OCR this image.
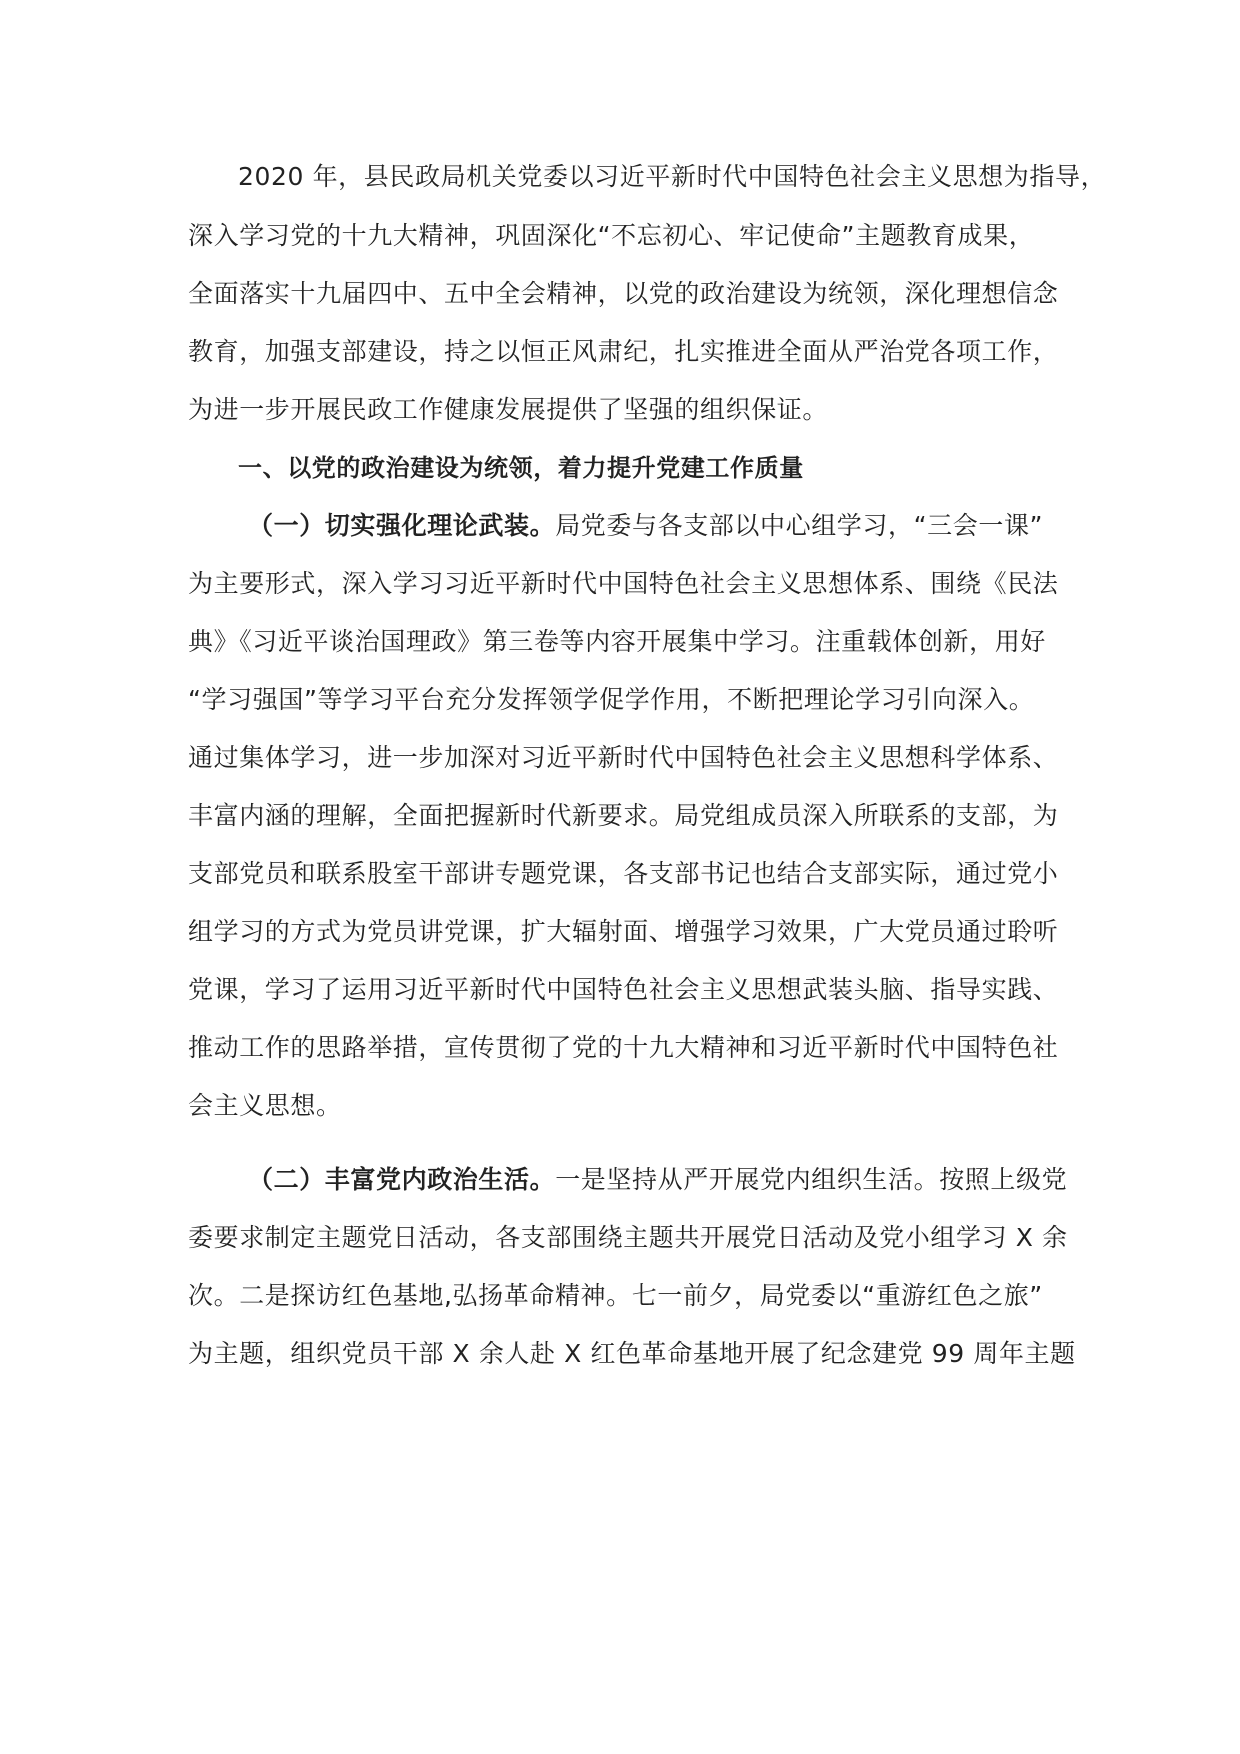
2020 年，县民政局机关党委以习近平新时代中国特色社会主义思想为指导，
深入学习党的十九大精神，巩固深化“不忘初心、牢记使命”主题教育成果，
全面落实十九届四中、五中全会精神，以党的政治建设为统领，深化理想信念
教育，加强支部建设，持之以恒正风肃纪，扎实推进全面从严治党各项工作，
为进一步开展民政工作健康发展提供了坚强的组织保证。
一、以党的政治建设为统领，着力提升党建工作质量
（一）切实强化理论武装。局党委与各支部以中心组学习，“三会一课”
为主要形式，深入学习习近平新时代中国特色社会主义思想体系、围绕《民法
典》《习近平谈治国理政》第三卷等内容开展集中学习。注重载体创新，用好
“学习强国”等学习平台充分发挥领学促学作用，不断把理论学习引向深入。
通过集体学习，进一步加深对习近平新时代中国特色社会主义思想科学体系、
丰富内涵的理解，全面把握新时代新要求。局党组成员深入所联系的支部，为
支部党员和联系股室干部讲专题党课，各支部书记也结合支部实际，通过党小
组学习的方式为党员讲党课，扩大辐射面、增强学习效果，广大党员通过聆听
党课，学习了运用习近平新时代中国特色社会主义思想武装头脑、指导实践、
推动工作的思路举措，宣传贯彻了党的十九大精神和习近平新时代中国特色社
会主义思想。
（二）丰富党内政治生活。一是坚持从严开展党内组织生活。按照上级党
委要求制定主题党日活动，各支部围绕主题共开展党日活动及党小组学习 X 余
次。二是探访红色基地,弘扬革命精神。七一前夕，局党委以“重游红色之旅”
为主题，组织党员干部 X 余人赴 X 红色革命基地开展了纪念建党 99 周年主题
